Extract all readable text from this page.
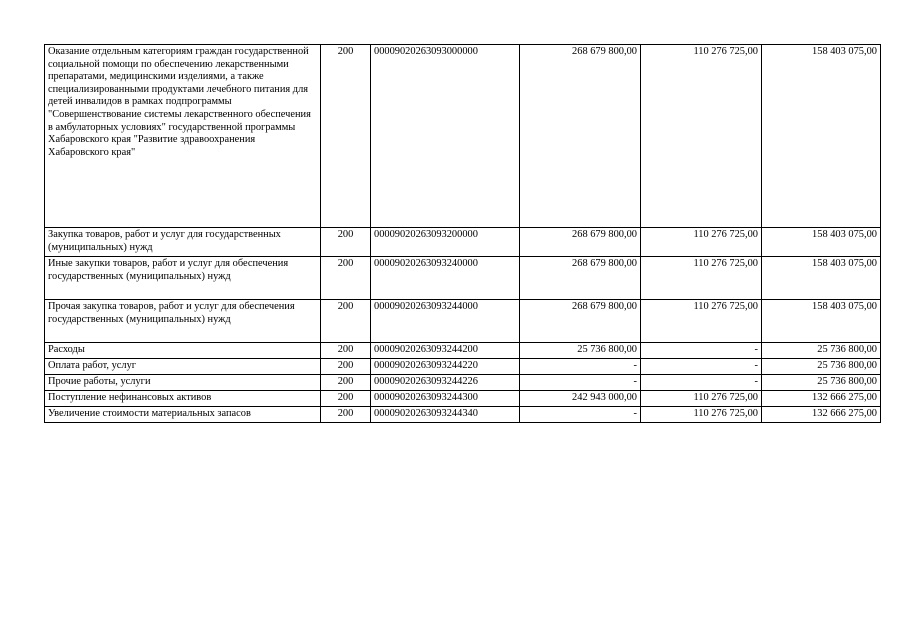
Оказание отдельным категориям граждан государственной социальной помощи по обеспечению лекарственными препаратами, медицинскими изделиями, а также специализированными продуктами лечебного питания для детей инвалидов в рамках подпрограммы "Совершенствование системы лекарственного обеспечения в амбулаторных условиях" государственной программы Хабаровского края "Развитие здравоохранения Хабаровского края"	200	00009020263093000000	268 679 800,00	110 276 725,00	158 403 075,00
Закупка товаров, работ и услуг для государственных (муниципальных) нужд	200	00009020263093200000	268 679 800,00	110 276 725,00	158 403 075,00
Иные закупки товаров, работ и услуг для обеспечения государственных (муниципальных) нужд	200	00009020263093240000	268 679 800,00	110 276 725,00	158 403 075,00
Прочая закупка товаров, работ и услуг для обеспечения государственных (муниципальных) нужд	200	00009020263093244000	268 679 800,00	110 276 725,00	158 403 075,00
Расходы	200	00009020263093244200	25 736 800,00	-	25 736 800,00
Оплата работ, услуг	200	00009020263093244220	-	-	25 736 800,00
Прочие работы, услуги	200	00009020263093244226	-	-	25 736 800,00
Поступление нефинансовых активов	200	00009020263093244300	242 943 000,00	110 276 725,00	132 666 275,00
Увеличение стоимости материальных запасов	200	00009020263093244340	-	110 276 725,00	132 666 275,00
